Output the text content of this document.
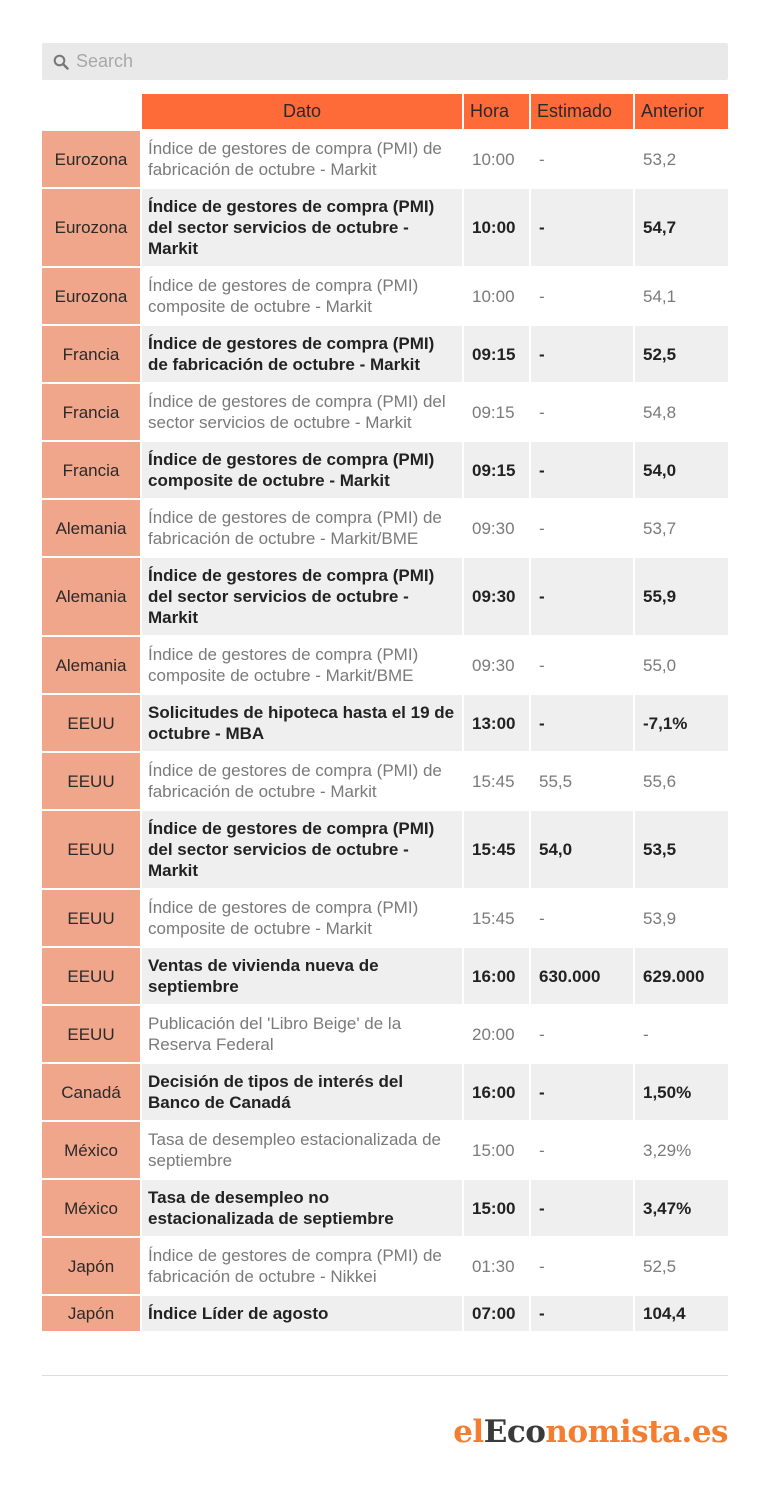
Search
	Dato	Hora	Estimado	Anterior
Eurozona	Índice de gestores de compra (PMI) de fabricación de octubre - Markit	10:00	-	53,2
Eurozona	Índice de gestores de compra (PMI) del sector servicios de octubre - Markit	10:00	-	54,7
Eurozona	Índice de gestores de compra (PMI) composite de octubre - Markit	10:00	-	54,1
Francia	Índice de gestores de compra (PMI) de fabricación de octubre - Markit	09:15	-	52,5
Francia	Índice de gestores de compra (PMI) del sector servicios de octubre - Markit	09:15	-	54,8
Francia	Índice de gestores de compra (PMI) composite de octubre - Markit	09:15	-	54,0
Alemania	Índice de gestores de compra (PMI) de fabricación de octubre - Markit/BME	09:30	-	53,7
Alemania	Índice de gestores de compra (PMI) del sector servicios de octubre - Markit	09:30	-	55,9
Alemania	Índice de gestores de compra (PMI) composite de octubre - Markit/BME	09:30	-	55,0
EEUU	Solicitudes de hipoteca hasta el 19 de octubre - MBA	13:00	-	-7,1%
EEUU	Índice de gestores de compra (PMI) de fabricación de octubre - Markit	15:45	55,5	55,6
EEUU	Índice de gestores de compra (PMI) del sector servicios de octubre - Markit	15:45	54,0	53,5
EEUU	Índice de gestores de compra (PMI) composite de octubre - Markit	15:45	-	53,9
EEUU	Ventas de vivienda nueva de septiembre	16:00	630.000	629.000
EEUU	Publicación del 'Libro Beige' de la Reserva Federal	20:00	-	-
Canadá	Decisión de tipos de interés del Banco de Canadá	16:00	-	1,50%
México	Tasa de desempleo estacionalizada de septiembre	15:00	-	3,29%
México	Tasa de desempleo no estacionalizada de septiembre	15:00	-	3,47%
Japón	Índice de gestores de compra (PMI) de fabricación de octubre - Nikkei	01:30	-	52,5
Japón	Índice Líder de agosto	07:00	-	104,4
elEconomista.es
